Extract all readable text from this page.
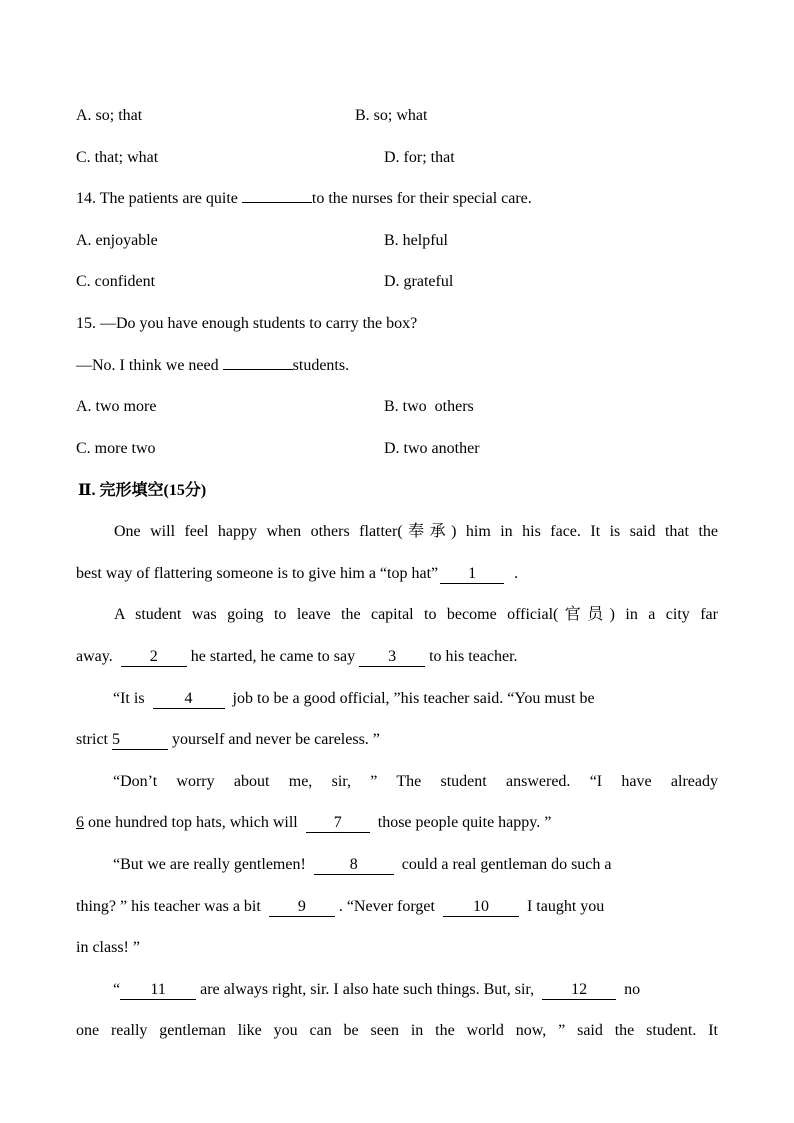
A. so; that	B. so; what
C. that; what	D. for; that
14. The patients are quite	to the nurses for their special care.
A. enjoyable	B. helpful
C. confident	D. grateful
15. —Do you have enough students to carry the box?
—No. I think we need	students.
A. two more	B. two  others
C. more two	D. two another
Ⅱ. 完形填空(15分)
One will feel happy when others flatter(奉承) him in his face. It is said that the
best way of flattering someone is to give him a “top hat” 1 .
A student was going to leave the capital to become official(官员) in a city far
away. 2 he started, he came to say 3 to his teacher.
“It is	4	job to be a good official, ”his teacher said. “You must be
strict 5	yourself and never be careless. ”
“Don’t worry about me, sir, ” The student answered. “I have already
6 one hundred top hats, which will 7 those people quite happy. ”
“But we are really gentlemen!	8	could a real gentleman do such a
thing? ” his teacher was a bit 9 . “Never forget 10 I taught you
in class! ”
“ 11 are always right, sir. I also hate such things. But, sir, 12 no
one really gentleman like you can be seen in the world now, ” said the student. It
